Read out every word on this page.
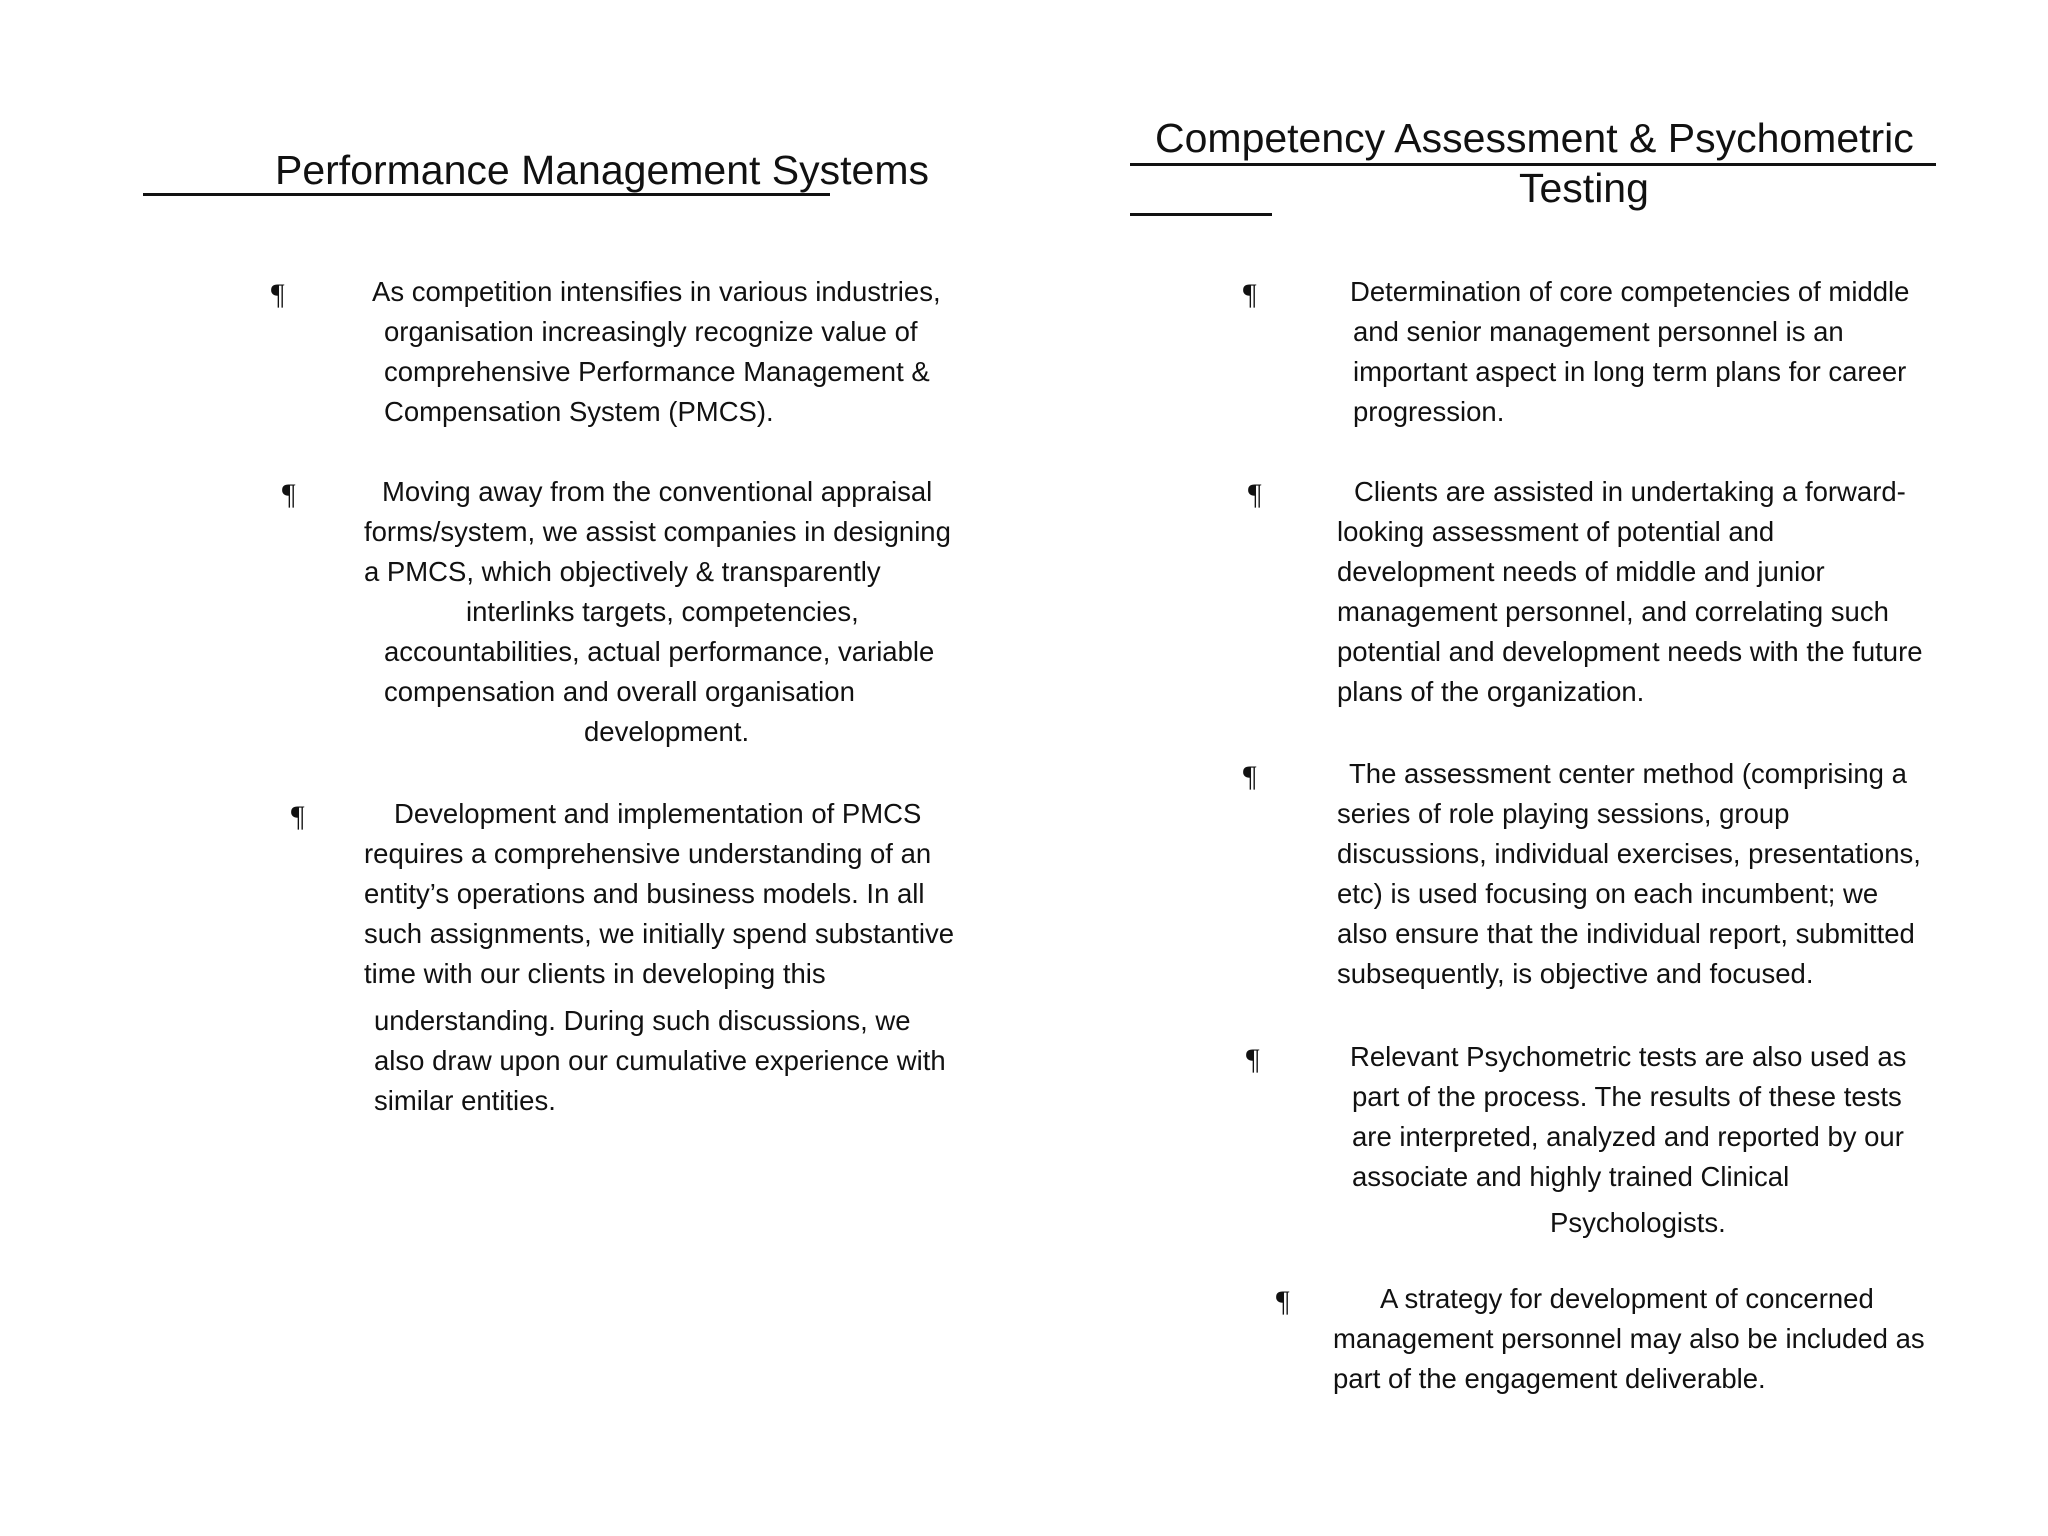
Performance Management Systems
¶	As competition intensifies in various industries,
organisation increasingly recognize value of
comprehensive Performance Management &
Compensation System (PMCS).
¶	Moving away from the conventional appraisal
forms/system, we assist companies in designing
a PMCS, which objectively & transparently
interlinks targets, competencies,
accountabilities, actual performance, variable
compensation and overall organisation
development.
¶	Development and implementation of PMCS
requires a comprehensive understanding of an
entity’s operations and business models. In all
such assignments, we initially spend substantive
time with our clients in developing this
understanding. During such discussions, we
also draw upon our cumulative experience with
similar entities.
Competency Assessment & Psychometric
Testing
¶	Determination of core competencies of middle
and senior management personnel is an
important aspect in long term plans for career
progression.
¶	Clients are assisted in undertaking a forward-
looking assessment of potential and
development needs of middle and junior
management personnel, and correlating such
potential and development needs with the future
plans of the organization.
¶	The assessment center method (comprising a
series of role playing sessions, group
discussions, individual exercises, presentations,
etc) is used focusing on each incumbent; we
also ensure that the individual report, submitted
subsequently, is objective and focused.
¶	Relevant Psychometric tests are also used as
part of the process. The results of these tests
are interpreted, analyzed and reported by our
associate and highly trained Clinical
Psychologists.
¶	A strategy for development of concerned
management personnel may also be included as
part of the engagement deliverable.
